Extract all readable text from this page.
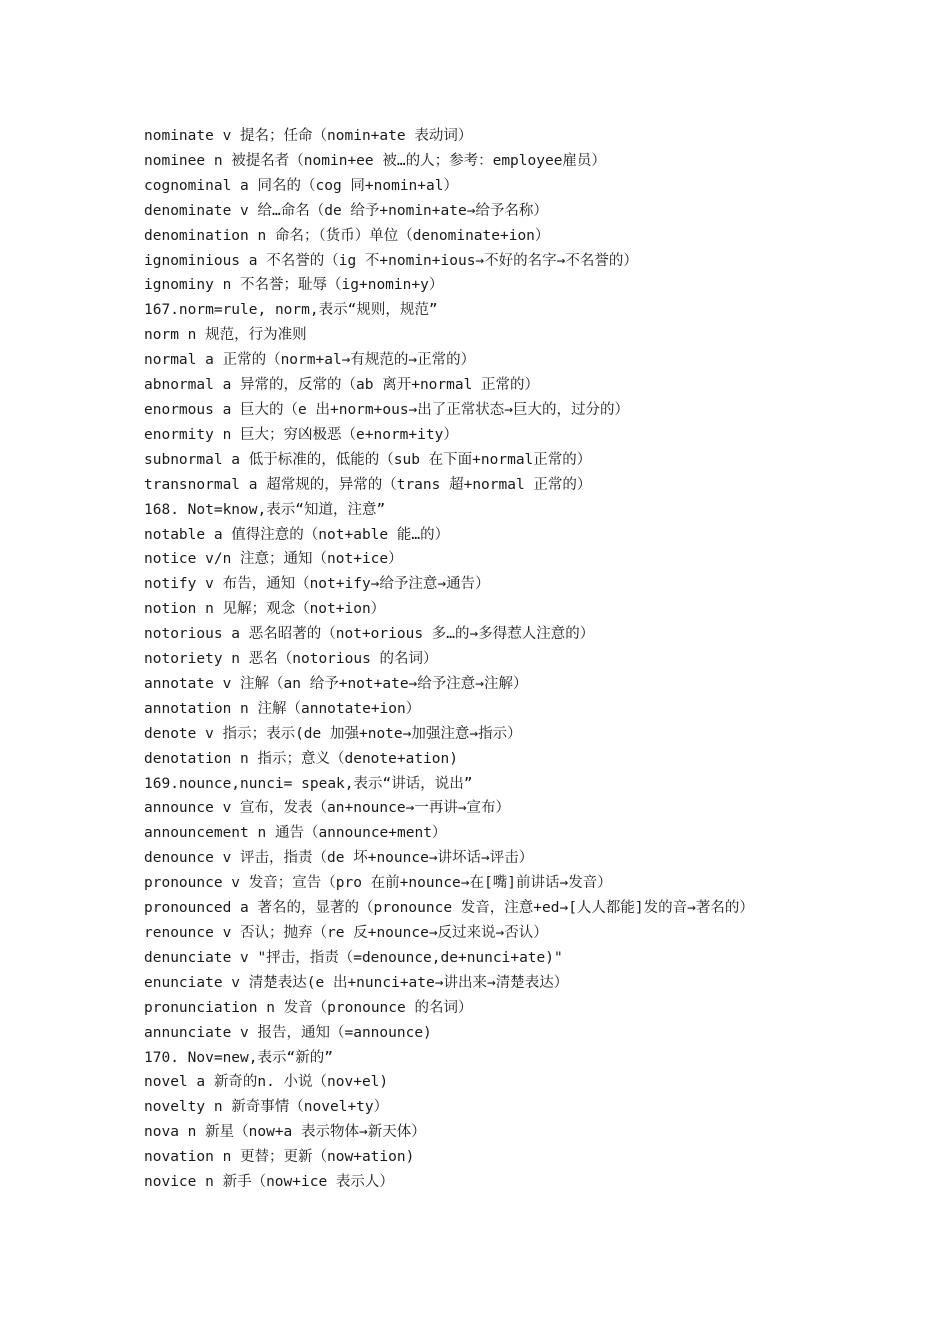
nominate v 提名；任命（nomin+ate 表动词）

nominee n 被提名者（nomin+ee 被…的人；参考：employee雇员）

cognominal a 同名的（cog 同+nomin+al）

denominate v 给…命名（de 给予+nomin+ate→给予名称）

denomination n 命名；（货币）单位（denominate+ion）

ignominious a 不名誉的（ig 不+nomin+ious→不好的名字→不名誉的）

ignominy n 不名誉；耻辱（ig+nomin+y）

167.norm=rule, norm,表示“规则，规范”

norm n 规范，行为准则

normal a 正常的（norm+al→有规范的→正常的）

abnormal a 异常的，反常的（ab 离开+normal 正常的）

enormous a 巨大的（e 出+norm+ous→出了正常状态→巨大的，过分的）

enormity n 巨大；穷凶极恶（e+norm+ity）

subnormal a 低于标准的，低能的（sub 在下面+normal正常的）

transnormal a 超常规的，异常的（trans 超+normal 正常的）

168. Not=know,表示“知道，注意”

notable a 值得注意的（not+able 能…的）

notice v/n 注意；通知（not+ice）

notify v 布告，通知（not+ify→给予注意→通告）

notion n 见解；观念（not+ion）

notorious a 恶名昭著的（not+orious 多…的→多得惹人注意的）

notoriety n 恶名（notorious 的名词）

annotate v 注解（an 给予+not+ate→给予注意→注解）

annotation n 注解（annotate+ion）

denote v 指示；表示(de 加强+note→加强注意→指示）

denotation n 指示；意义（denote+ation)

169.nounce,nunci= speak,表示“讲话，说出”

announce v 宣布，发表（an+nounce→一再讲→宣布）

announcement n 通告（announce+ment）

denounce v 评击，指责（de 坏+nounce→讲坏话→评击）

pronounce v 发音；宣告（pro 在前+nounce→在[嘴]前讲话→发音）

pronounced a 著名的，显著的（pronounce 发音，注意+ed→[人人都能]发的音→著名的）

renounce v 否认；抛弃（re 反+nounce→反过来说→否认）

denunciate v "抨击，指责（=denounce,de+nunci+ate)"

enunciate v 清楚表达(e 出+nunci+ate→讲出来→清楚表达）

pronunciation n 发音（pronounce 的名词）

annunciate v 报告，通知（=announce)

170. Nov=new,表示“新的”

novel a 新奇的n. 小说（nov+el)

novelty n 新奇事情（novel+ty）

nova n 新星（now+a 表示物体→新天体）

novation n 更替；更新（now+ation)

novice n 新手（now+ice 表示人）
